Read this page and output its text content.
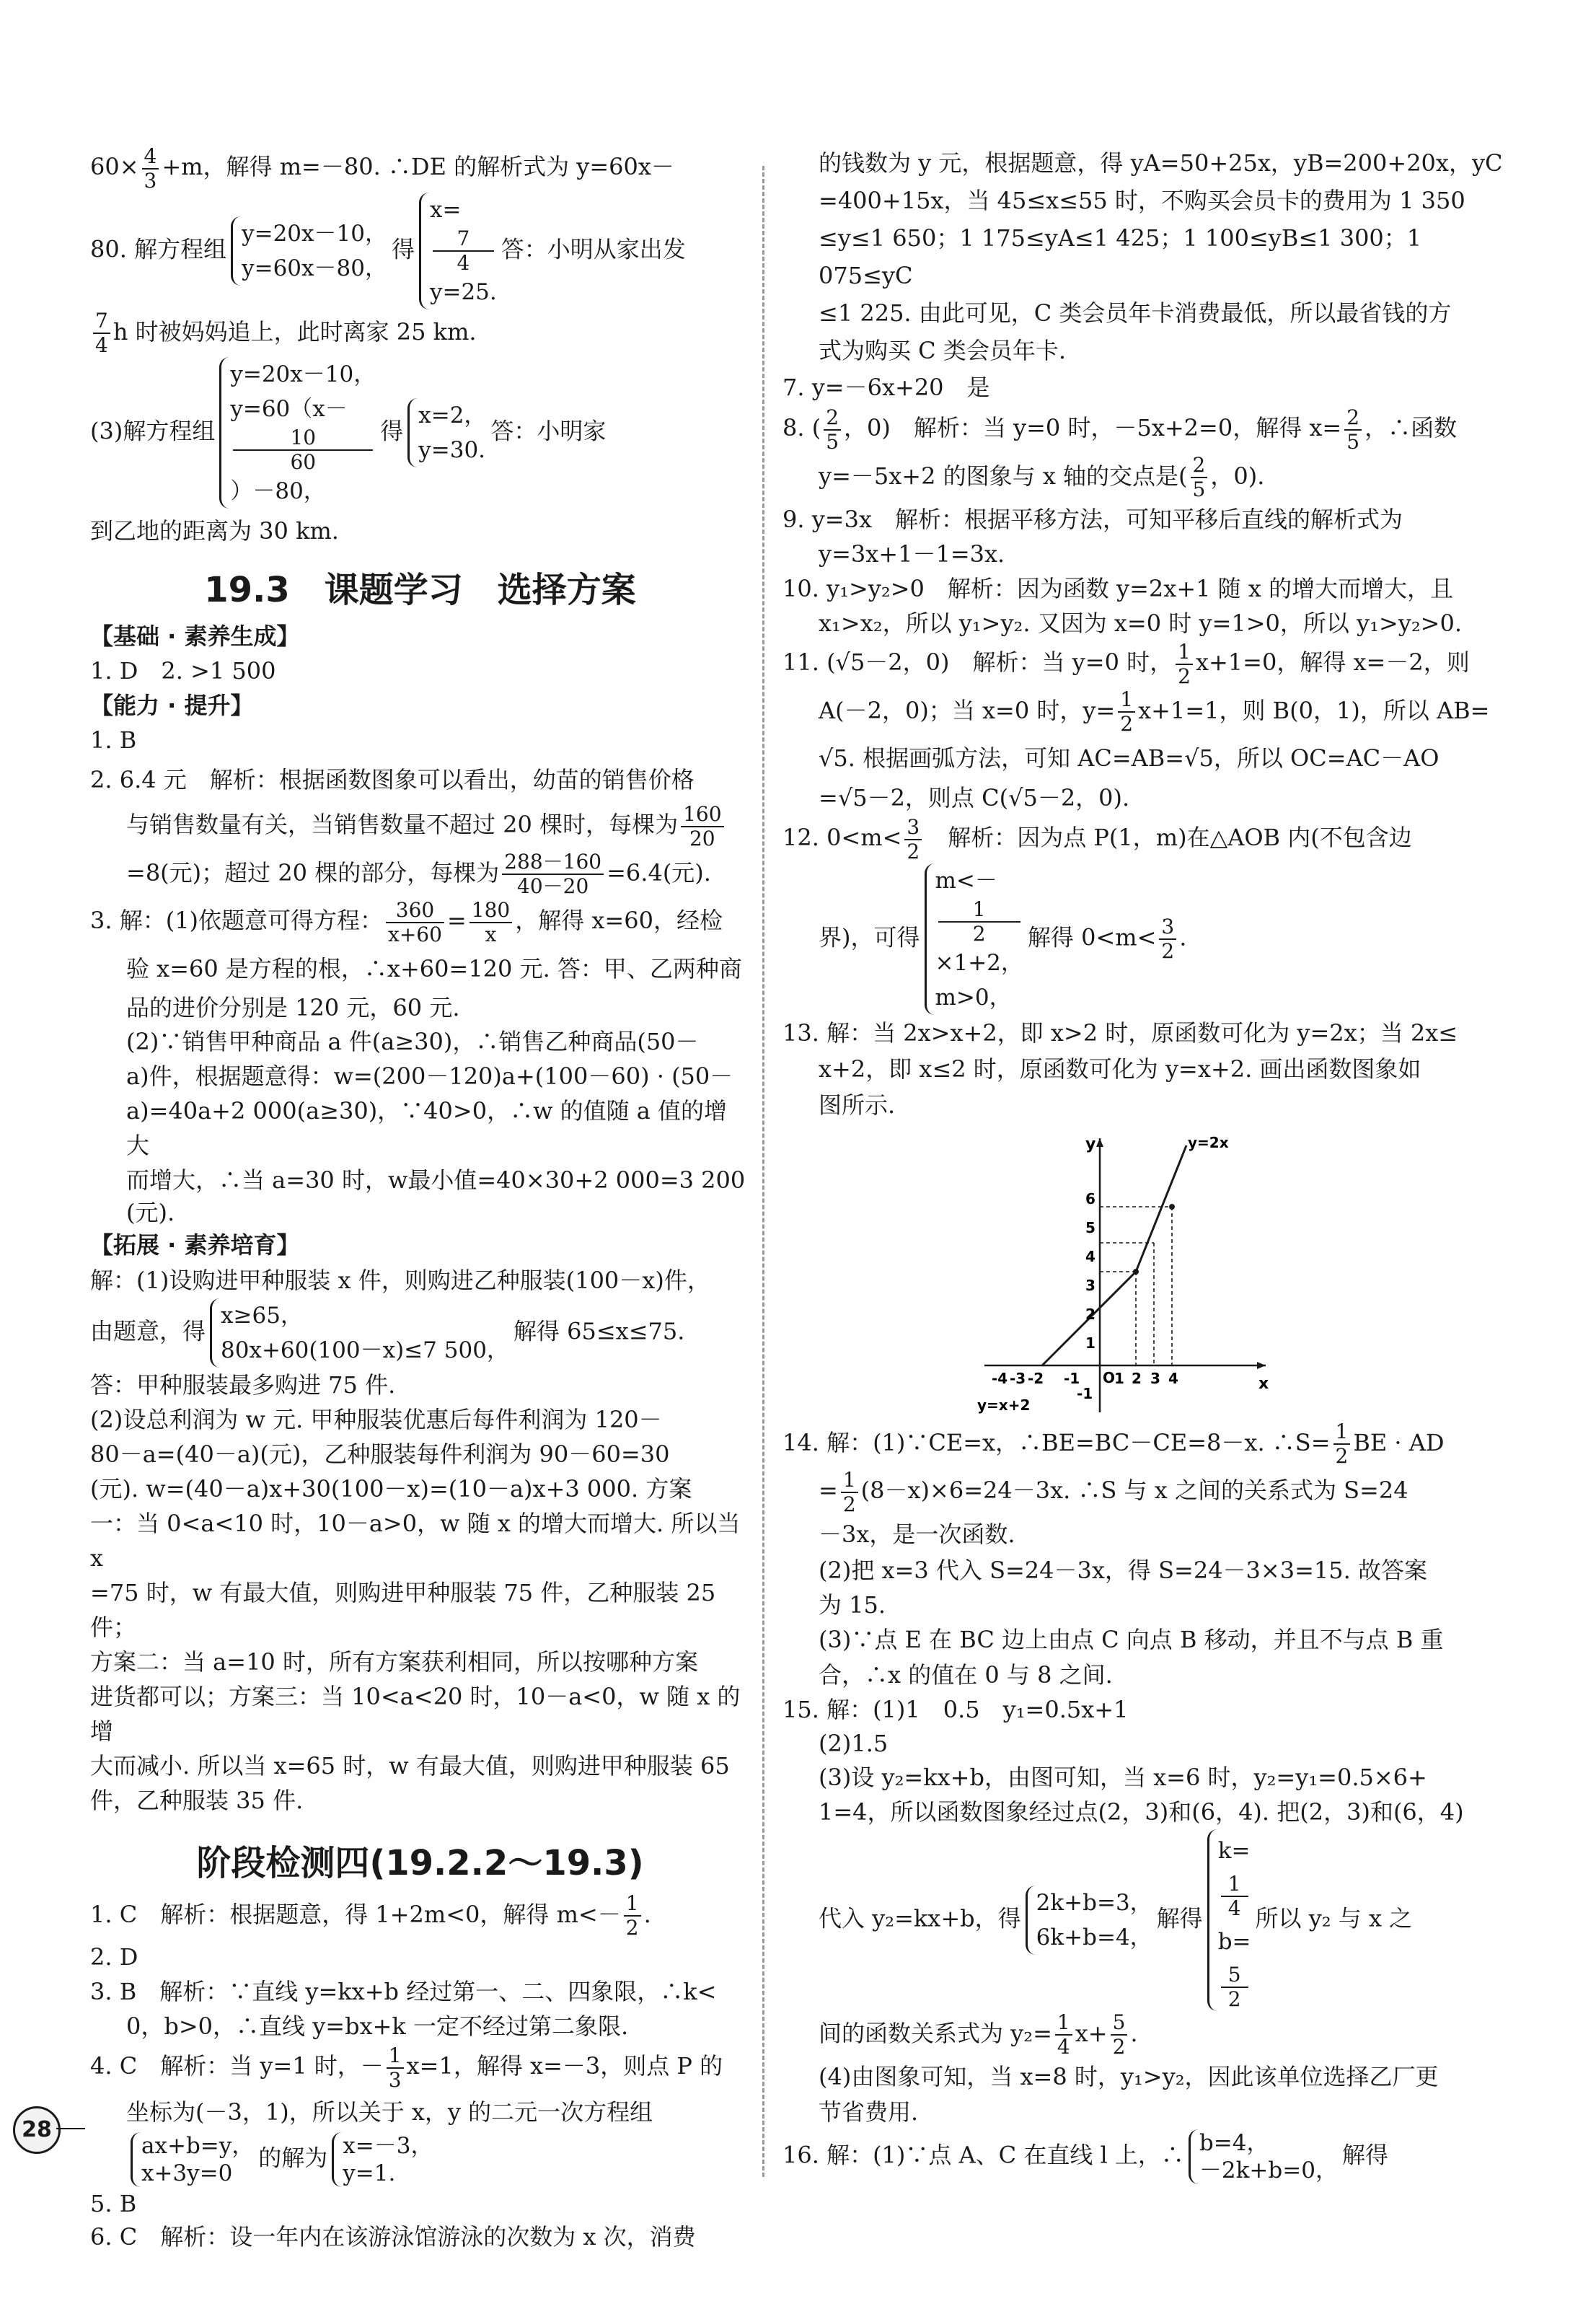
$60\times \frac{4}{3} +m$，解得 m=－80. ∴DE 的解析式为 y=60x－

80. 解方程组
y=20x－10，
y=60x－80，
得
x=
7
4
y=25.
答：小明从家出发

$\frac{7}{4}$ h 时被妈妈追上，此时离家 25 km.

(3)解方程组
y=20x－10，
y=60（x－
10
60
）－80，
得
x=2，
y=30.
答：小明家

到乙地的距离为 30 km.

19.3　课题学习　选择方案
【基础 · 素养生成】

1. D　2. >1 500

【能力 · 提升】

1. B

2. 6.4 元　解析：根据函数图象可以看出，幼苗的销售价格

与销售数量有关，当销售数量不超过 20 棵时，每棵为 $\frac{160}{20}$

=8(元)；超过 20 棵的部分，每棵为 $\frac{288-160}{40-20} =6.4$(元).

3. 解：(1)依题意可得方程： $\frac{360}{x+60} = \frac{180}{x}$ ，解得 x=60，经检

验 x=60 是方程的根，∴x+60=120 元. 答：甲、乙两种商

品的进价分别是 120 元，60 元.

(2)∵销售甲种商品 a 件(a≥30)，∴销售乙种商品(50－

a)件，根据题意得：w=(200－120)a+(100－60) · (50－

a)=40a+2 000(a≥30)，∵40>0，∴w 的值随 a 值的增大

而增大，∴当 a=30 时，w最小值=40×30+2 000=3 200

(元).

【拓展 · 素养培育】

解：(1)设购进甲种服装 x 件，则购进乙种服装(100－x)件，

由题意，得
x≥65，
80x+60(100－x)≤7 500，
解得 65≤x≤75.

答：甲种服装最多购进 75 件.

(2)设总利润为 w 元. 甲种服装优惠后每件利润为 120－

80－a=(40－a)(元)，乙种服装每件利润为 90－60=30

(元). w=(40－a)x+30(100－x)=(10－a)x+3 000. 方案

一：当 0<a<10 时，10－a>0，w 随 x 的增大而增大. 所以当 x

=75 时，w 有最大值，则购进甲种服装 75 件，乙种服装 25 件；

方案二：当 a=10 时，所有方案获利相同，所以按哪种方案

进货都可以；方案三：当 10<a<20 时，10－a<0，w 随 x 的增

大而减小. 所以当 x=65 时，w 有最大值，则购进甲种服装 65

件，乙种服装 35 件.

阶段检测四(19.2.2～19.3)

1. C　解析：根据题意，得 1+2m<0，解得 $m<- \frac{1}{2}$ .

2. D

3. B　解析：∵直线 y=kx+b 经过第一、二、四象限，∴k<

0，b>0，∴直线 y=bx+k 一定不经过第二象限.

4. C　解析：当 y=1 时，－ $\frac{1}{3} x=1$，解得 x=－3，则点 P 的

坐标为(－3，1)，所以关于 x，y 的二元一次方程组

ax+b=y，
x+3y=0
的解为 x=－3，
y=1.

5. B

6. C　解析：设一年内在该游泳馆游泳的次数为 x 次，消费

的钱数为 y 元，根据题意，得 yA=50+25x，yB=200+20x，yC

=400+15x，当 45≤x≤55 时，不购买会员卡的费用为 1 350

≤y≤1 650；1 175≤yA≤1 425；1 100≤yB≤1 300；1 075≤yC

≤1 225. 由此可见，C 类会员年卡消费最低，所以最省钱的方

式为购买 C 类会员年卡.

7. y=－6x+20　是

8. ( $\frac{2}{5}$ ，0)　解析：当 y=0 时，－5x+2=0，解得 $x= \frac{2}{5}$ ，∴函数

y=－5x+2 的图象与 x 轴的交点是( $\frac{2}{5}$ ，0).

9. y=3x　解析：根据平移方法，可知平移后直线的解析式为

y=3x+1－1=3x.

10. y₁>y₂>0　解析：因为函数 y=2x+1 随 x 的增大而增大，且

x₁>x₂，所以 y₁>y₂. 又因为 x=0 时 y=1>0，所以 y₁>y₂>0.

11. (√5－2，0)　解析：当 y=0 时， $\frac{1}{2} x+1=0$，解得 x=－2，则

A(－2，0)；当 x=0 时，$y= \frac{1}{2} x+1=1$，则 B(0，1)，所以 AB=

√5. 根据画弧方法，可知 AC=AB=√5，所以 OC=AC－AO

=√5－2，则点 C(√5－2，0).

12. $0<m< \frac{3}{2}$ 　解析：因为点 P(1，m)在△AOB 内(不包含边

界)，可得
m<－
1
2
×1+2，
m>0，
解得 $0<m< \frac{3}{2}$ .

13. 解：当 2x>x+2，即 x>2 时，原函数可化为 y=2x；当 2x≤

x+2，即 x≤2 时，原函数可化为 y=x+2. 画出函数图象如

图所示.

y
x
O
y=2x
y=x+2
-4 -3 -2 -1 1 2 3 4
-1
1
2
3
4
5
6

14. 解：(1)∵CE=x，∴BE=BC－CE=8－x. ∴S= $\frac{1}{2}$ BE · AD

= $\frac{1}{2} (8-x)\times 6=24-3x$. ∴S 与 x 之间的关系式为 S=24

－3x，是一次函数.

(2)把 x=3 代入 S=24－3x，得 S=24－3×3=15. 故答案

为 15.

(3)∵点 E 在 BC 边上由点 C 向点 B 移动，并且不与点 B 重

合，∴x 的值在 0 与 8 之间.

15. 解：(1)1　0.5　y₁=0.5x+1

(2)1.5

(3)设 y₂=kx+b，由图可知，当 x=6 时，y₂=y₁=0.5×6+

1=4，所以函数图象经过点(2，3)和(6，4). 把(2，3)和(6，4)

代入 y₂=kx+b，得
2k+b=3，
6k+b=4，
解得
k=
1
4
b=
5
2
所以 y₂ 与 x 之

间的函数关系式为 $y_2= \frac{1}{4} x+ \frac{5}{2}$ .

(4)由图象可知，当 x=8 时，y₁>y₂，因此该单位选择乙厂更

节省费用.

16. 解：(1)∵点 A、C 在直线 l 上，∴ b=4，
－2k+b=0，
解得

28
